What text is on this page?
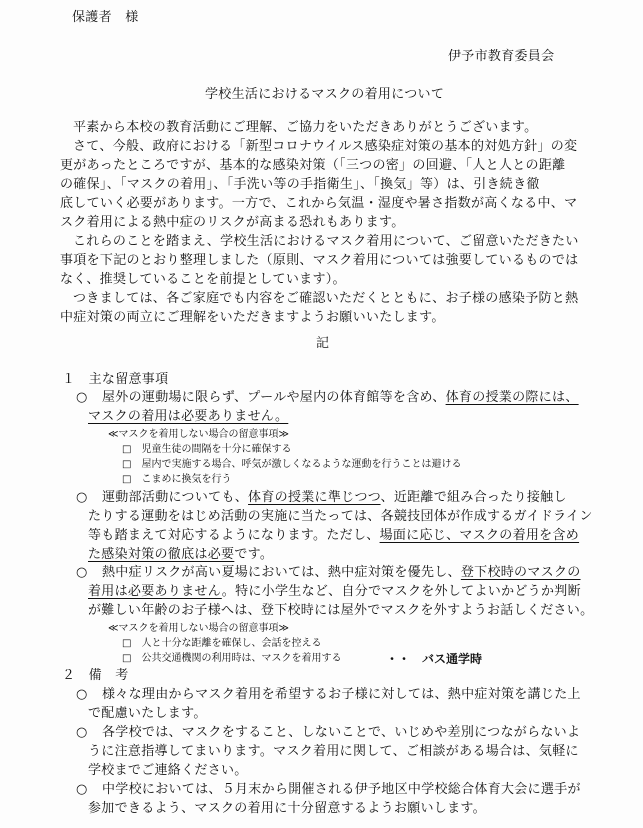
保護者　様
伊予市教育委員会
学校生活におけるマスクの着用について
平素から本校の教育活動にご理解、ご協力をいただきありがとうございます。
さて、今般、政府における「新型コロナウイルス感染症対策の基本的対処方針」の変
更があったところですが、基本的な感染対策（「三つの密」の回避、「人と人との距離
の確保」、「マスクの着用」、「手洗い等の手指衛生」、「換気」等）は、引き続き徹
底していく必要があります。一方で、これから気温・湿度や暑さ指数が高くなる中、マ
スク着用による熱中症のリスクが高まる恐れもあります。
これらのことを踏まえ、学校生活におけるマスク着用について、ご留意いただきたい
事項を下記のとおり整理しました（原則、マスク着用については強要しているものでは
なく、推奨していることを前提としています）。
つきましては、各ご家庭でも内容をご確認いただくとともに、お子様の感染予防と熱
中症対策の両立にご理解をいただきますようお願いいたします。
記
１　主な留意事項
○ 屋外の運動場に限らず、プールや屋内の体育館等を含め、体育の授業の際には、
マスクの着用は必要ありません。
≪マスクを着用しない場合の留意事項≫
□　 児童生徒の間隔を十分に確保する
□　 屋内で実施する場合、呼気が激しくなるような運動を行うことは避ける
□　 こまめに換気を行う
○ 運動部活動についても、体育の授業に準じつつ、近距離で組み合ったり接触し
たりする運動をはじめ活動の実施に当たっては、各競技団体が作成するガイドライン
等も踏まえて対応するようになります。ただし、場面に応じ、マスクの着用を含め
た感染対策の徹底は必要です。
○ 熱中症リスクが高い夏場においては、熱中症対策を優先し、登下校時のマスクの
着用は必要ありません。特に小学生など、自分でマスクを外してよいかどうか判断
が難しい年齢のお子様へは、登下校時には屋外でマスクを外すようお話しください。
≪マスクを着用しない場合の留意事項≫
□　 人と十分な距離を確保し、会話を控える
□　 公共交通機関の利用時は、マスクを着用する	・・　バス通学時
２　備　考
○ 様々な理由からマスク着用を希望するお子様に対しては、熱中症対策を講じた上
で配慮いたします。
○ 各学校では、マスクをすること、しないことで、いじめや差別につながらないよ
うに注意指導してまいります。マスク着用に関して、ご相談がある場合は、気軽に
学校までご連絡ください。
○ 中学校においては、５月末から開催される伊予地区中学校総合体育大会に選手が
参加できるよう、マスクの着用に十分留意するようお願いします。
